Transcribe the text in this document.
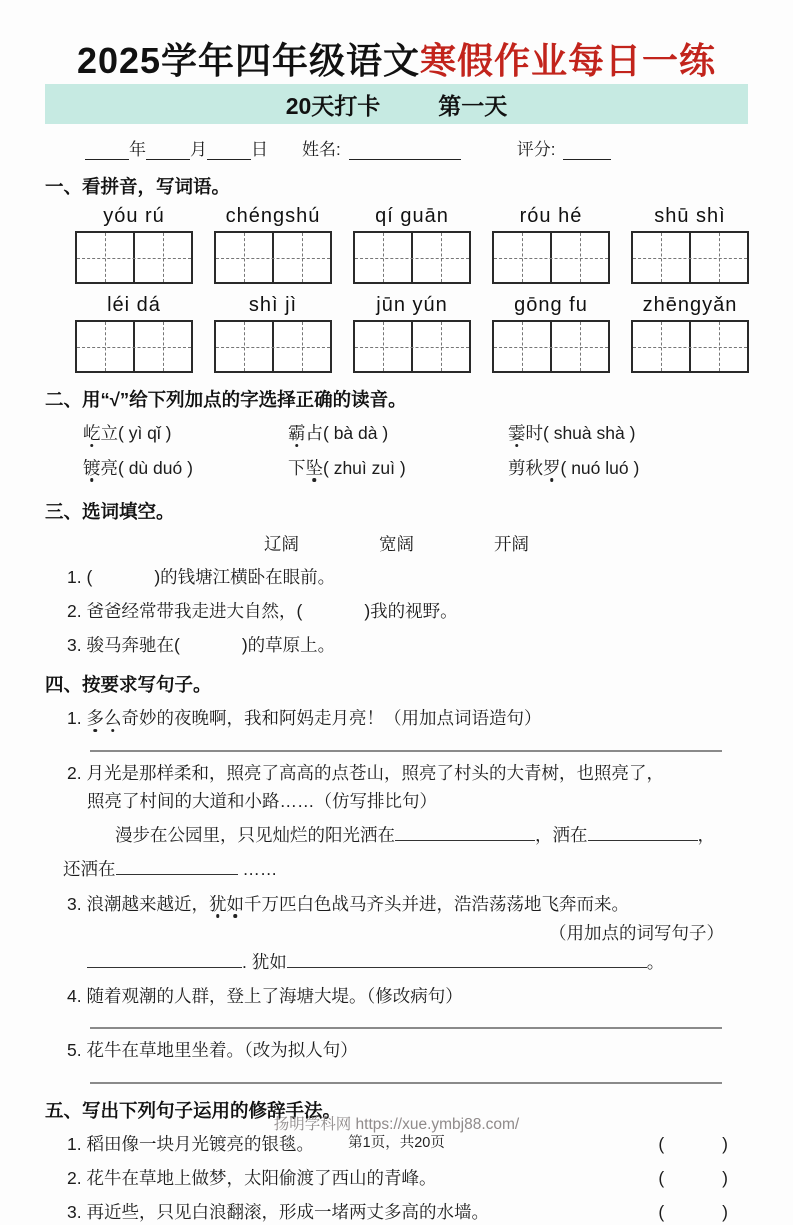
2025学年四年级语文寒假作业每日一练
20天打卡	第一天
年	月	日 姓名:	评分:
一、看拼音，写词语。
yóu rú	chéngshú	qí guān	róu hé	shū shì
léi dá	shì jì	jūn yún	gōng fu	zhēngyǎn
二、用“√”给下列加点的字选择正确的读音。
屹立( yì qǐ )	霸占( bà dà )	霎时( shuà shà )
镀亮( dù duó )	下坠( zhuì zuì )	剪秋罗( nuó luó )
三、选词填空。
辽阔	宽阔	开阔
1. (	)的钱塘江横卧在眼前。
2. 爸爸经常带我走进大自然，(	)我的视野。
3. 骏马奔驰在(	)的草原上。
四、按要求写句子。
1. 多么奇妙的夜晚啊，我和阿妈走月亮！（用加点词语造句）
2. 月光是那样柔和，照亮了高高的点苍山，照亮了村头的大青树，也照亮了，
照亮了村间的大道和小路……（仿写排比句）
漫步在公园里，只见灿烂的阳光洒在	，洒在	，
还洒在	……
3. 浪潮越来越近，犹如千万匹白色战马齐头并进，浩浩荡荡地飞奔而来。
（用加点的词写句子）
. 犹如	。
4. 随着观潮的人群，登上了海塘大堤。（修改病句）
5. 花牛在草地里坐着。（改为拟人句）
五、写出下列句子运用的修辞手法。
1. 稻田像一块月光镀亮的银毯。	(	)
2. 花牛在草地上做梦，太阳偷渡了西山的青峰。	(	)
3. 再近些，只见白浪翻滚，形成一堵两丈多高的水墙。	(	)
扬明学科网 https://xue.ymbj88.com/
第1页，共20页
